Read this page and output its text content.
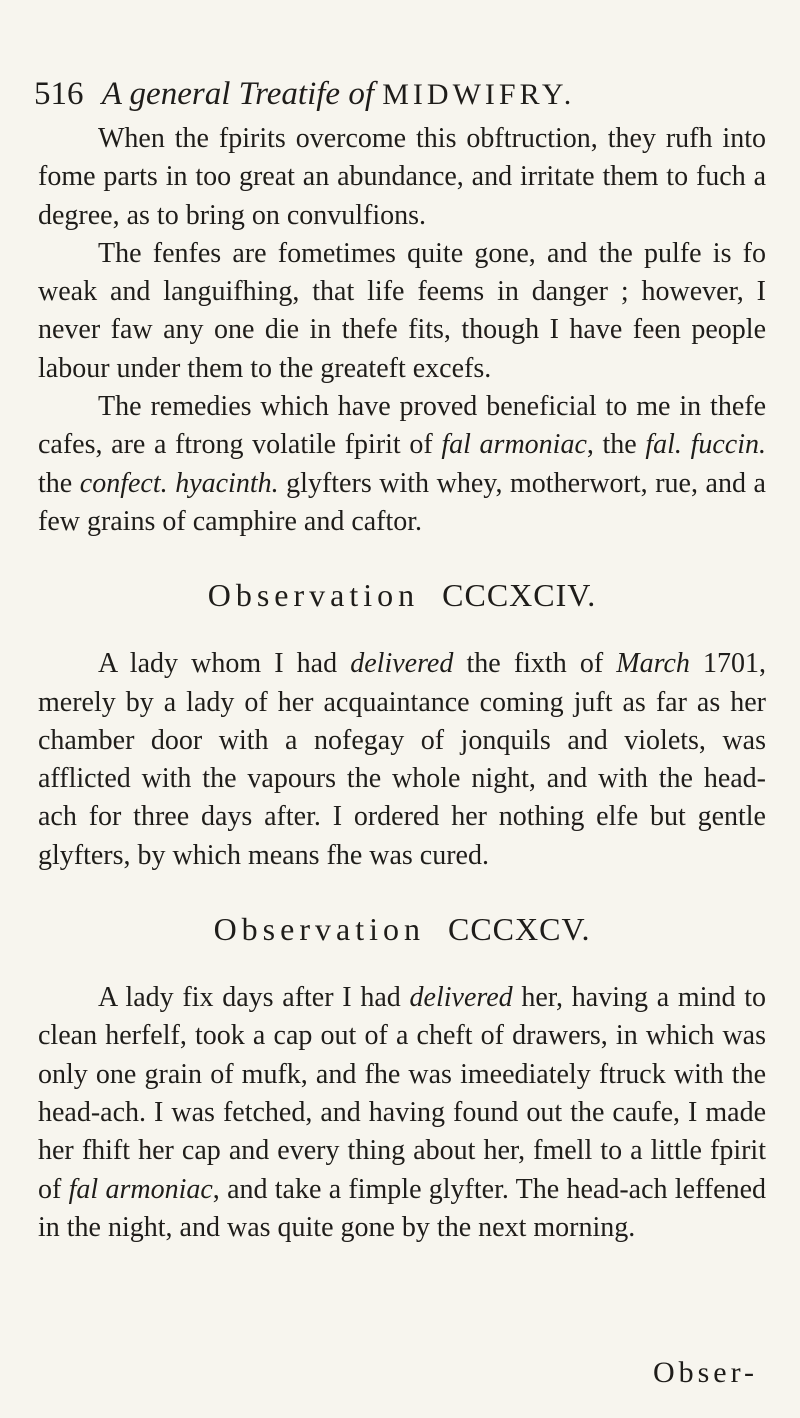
516 A general Treatife of MIDWIFRY.

When the fpirits overcome this obftruction, they rufh into fome parts in too great an abundance, and irritate them to fuch a degree, as to bring on convulfions.

The fenfes are fometimes quite gone, and the pulfe is fo weak and languifhing, that life feems in danger ; however, I never faw any one die in thefe fits, though I have feen people labour under them to the greateft excefs.

The remedies which have proved beneficial to me in thefe cafes, are a ftrong volatile fpirit of fal armoniac, the fal. fuccin. the confect. hyacinth. glyfters with whey, motherwort, rue, and a few grains of camphire and caftor.

Observation CCCXCIV.

A lady whom I had delivered the fixth of March 1701, merely by a lady of her acquaintance coming juft as far as her chamber door with a nofegay of jonquils and violets, was afflicted with the vapours the whole night, and with the head-ach for three days after. I ordered her nothing elfe but gentle glyfters, by which means fhe was cured.

Observation CCCXCV.

A lady fix days after I had delivered her, having a mind to clean herfelf, took a cap out of a cheft of drawers, in which was only one grain of mufk, and fhe was imeediately ftruck with the head-ach. I was fetched, and having found out the caufe, I made her fhift her cap and every thing about her, fmell to a little fpirit of fal armoniac, and take a fimple glyfter. The head-ach leffened in the night, and was quite gone by the next morning.

Obser-
